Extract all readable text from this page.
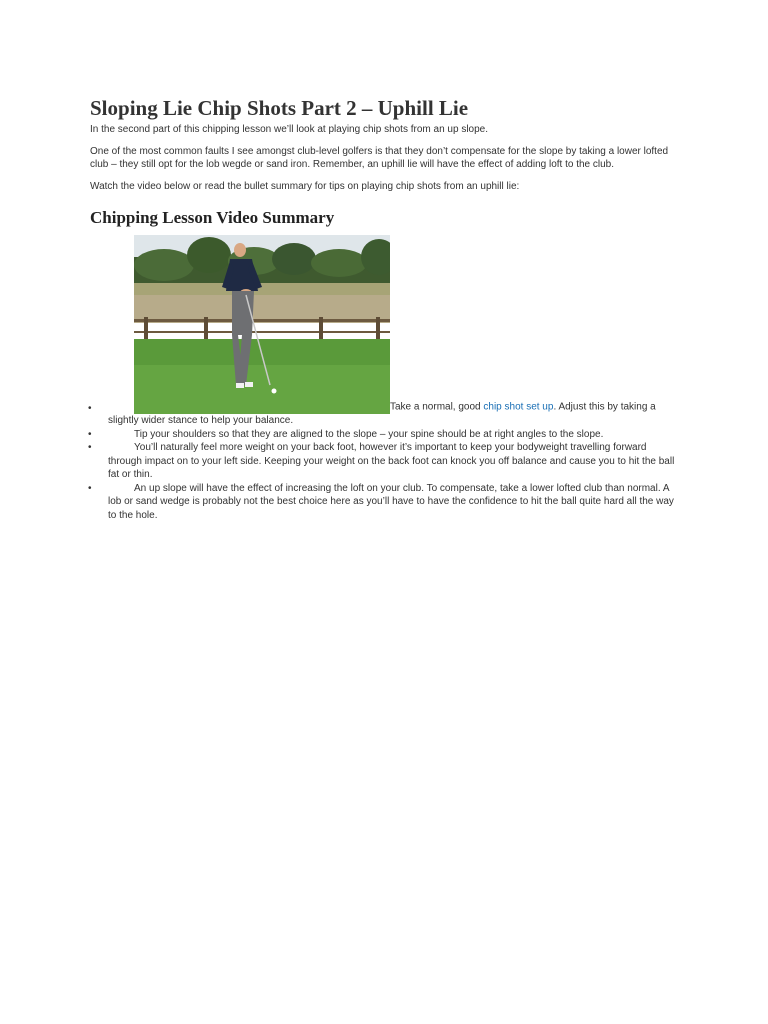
Sloping Lie Chip Shots Part 2 – Uphill Lie

In the second part of this chipping lesson we’ll look at playing chip shots from an up slope.

One of the most common faults I see amongst club-level golfers is that they don’t compensate for the slope by taking a lower lofted club – they still opt for the lob wegde or sand iron. Remember, an uphill lie will have the effect of adding loft to the club.

Watch the video below or read the bullet summary for tips on playing chip shots from an uphill lie:

Chipping Lesson Video Summary
•	Take a normal, good chip shot set up. Adjust this by taking a slightly wider stance to help your balance.
•	Tip your shoulders so that they are aligned to the slope – your spine should be at right angles to the slope.
•	You’ll naturally feel more weight on your back foot, however it’s important to keep your bodyweight travelling forward through impact on to your left side. Keeping your weight on the back foot can knock you off balance and cause you to hit the ball fat or thin.
•	An up slope will have the effect of increasing the loft on your club. To compensate, take a lower lofted club than normal. A lob or sand wedge is probably not the best choice here as you’ll have to have the confidence to hit the ball quite hard all the way to the hole.
